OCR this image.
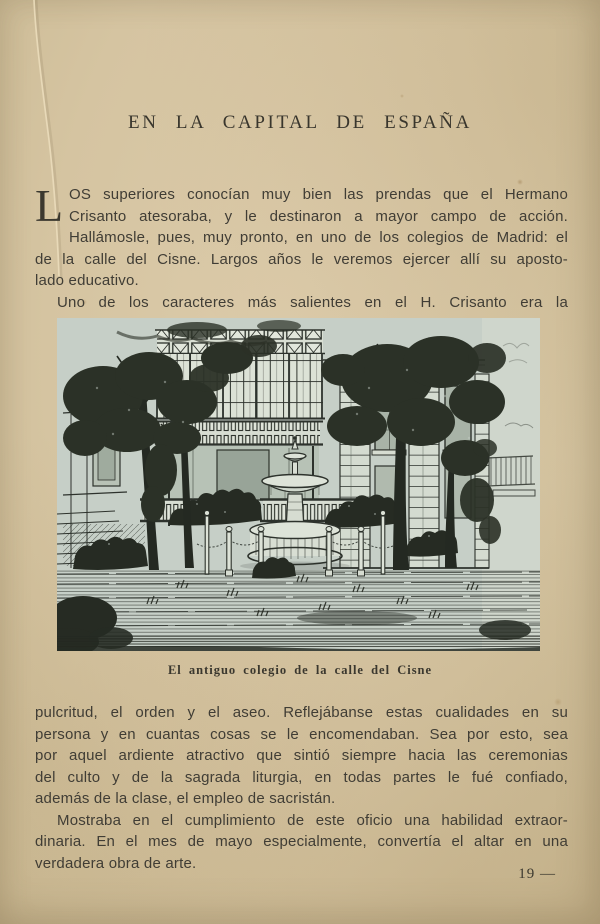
EN LA CAPITAL DE ESPAÑA
L OS superiores conocían muy bien las prendas que el Hermano
Crisanto atesoraba, y le destinaron a mayor campo de acción.
Hallámosle, pues, muy pronto, en uno de los colegios de Madrid: el
de la calle del Cisne. Largos años le veremos ejercer allí su aposto-
lado educativo.
Uno de los caracteres más salientes en el H. Crisanto era la
El antiguo colegio de la calle del Cisne
pulcritud, el orden y el aseo. Reflejábanse estas cualidades en su
persona y en cuantas cosas se le encomendaban. Sea por esto, sea
por aquel ardiente atractivo que sintió siempre hacia las ceremonias
del culto y de la sagrada liturgia, en todas partes le fué confiado,
además de la clase, el empleo de sacristán.
Mostraba en el cumplimiento de este oficio una habilidad extraor-
dinaria. En el mes de mayo especialmente, convertía el altar en una
verdadera obra de arte.
19 —
